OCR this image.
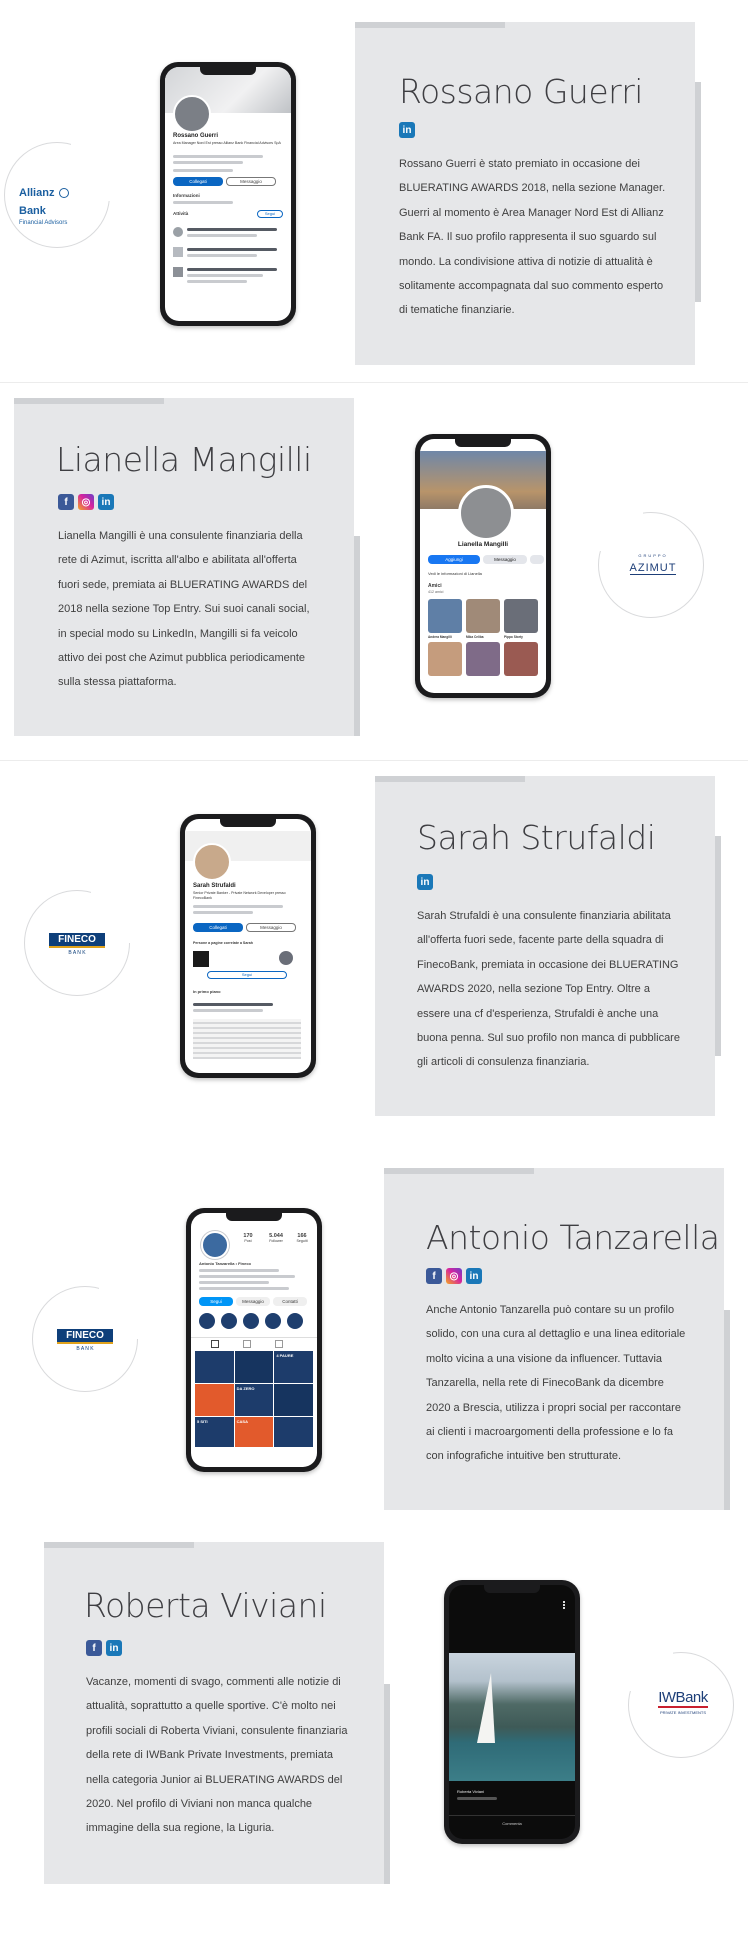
Allianz  Bank
Financial Advisors
Rossano Guerri
Area Manager Nord Est presso Allianz Bank Financial Advisors SpA
Collegati	Messaggio
Informazioni
Attività	Segui
Rossano Guerri
in

Rossano Guerri è stato premiato in occasione dei BLUERATING AWARDS 2018, nella sezione Manager. Guerri al momento è Area Manager Nord Est di Allianz Bank FA. Il suo profilo rappresenta il suo sguardo sul mondo. La condivisione attiva di notizie di attualità è solitamente accompagnata dal suo commento esperto di tematiche finanziarie.

Lianella Mangilli
f	◎	in

Lianella Mangilli è una consulente finanziaria della rete di Azimut, iscritta all'albo e abilitata all'offerta fuori sede, premiata ai BLUERATING AWARDS del 2018 nella sezione Top Entry. Sui suoi canali social, in special modo su LinkedIn, Mangilli si fa veicolo attivo dei post che Azimut pubblica periodicamente sulla stessa piattaforma.

Lianella Mangilli
Aggiungi	Messaggio
Vedi le informazioni di Lianella
Amici
412 amici
Andrea Mangilli	Mika Celiba	Pippo Storty
GRUPPO
AZIMUT
FINECO
B A N K
Sarah Strufaldi
Senior Private Banker - Private Network Developer presso FinecoBank
Collegati	Messaggio
Persone a pagine correlate a Sarah
Segui
In primo piano
Sarah Strufaldi
in

Sarah Strufaldi è una consulente finanziaria abilitata all'offerta fuori sede, facente parte della squadra di FinecoBank, premiata in occasione dei BLUERATING AWARDS 2020, nella sezione Top Entry. Oltre a essere una cf d'esperienza, Strufaldi è anche una buona penna. Sul suo profilo non manca di pubblicare gli articoli di consulenza finanziaria.

FINECO
B A N K
170
Post
5.044
Follower
166
Seguiti
Antonio Tanzarella • Fineco
Segui	Messaggio	Contatti
4 PAURE
DA ZERO
5 SITI	CASA
Antonio Tanzarella
f	◎	in

Anche Antonio Tanzarella può contare su un profilo solido, con una cura al dettaglio e una linea editoriale molto vicina a una visione da influencer. Tuttavia Tanzarella, nella rete di FinecoBank da dicembre 2020 a Brescia, utilizza i propri social per raccontare ai clienti i macroargomenti della professione e lo fa con infografiche intuitive ben strutturate.

Roberta Viviani
f	in

Vacanze, momenti di svago, commenti alle notizie di attualità, soprattutto a quelle sportive. C'è molto nei profili sociali di Roberta Viviani, consulente finanziaria della rete di IWBank Private Investments, premiata nella categoria Junior ai BLUERATING AWARDS del 2020. Nel profilo di Viviani non manca qualche immagine della sua regione, la Liguria.

Roberta Viviani
Commenta
IWBank
PRIVATE INVESTMENTS
